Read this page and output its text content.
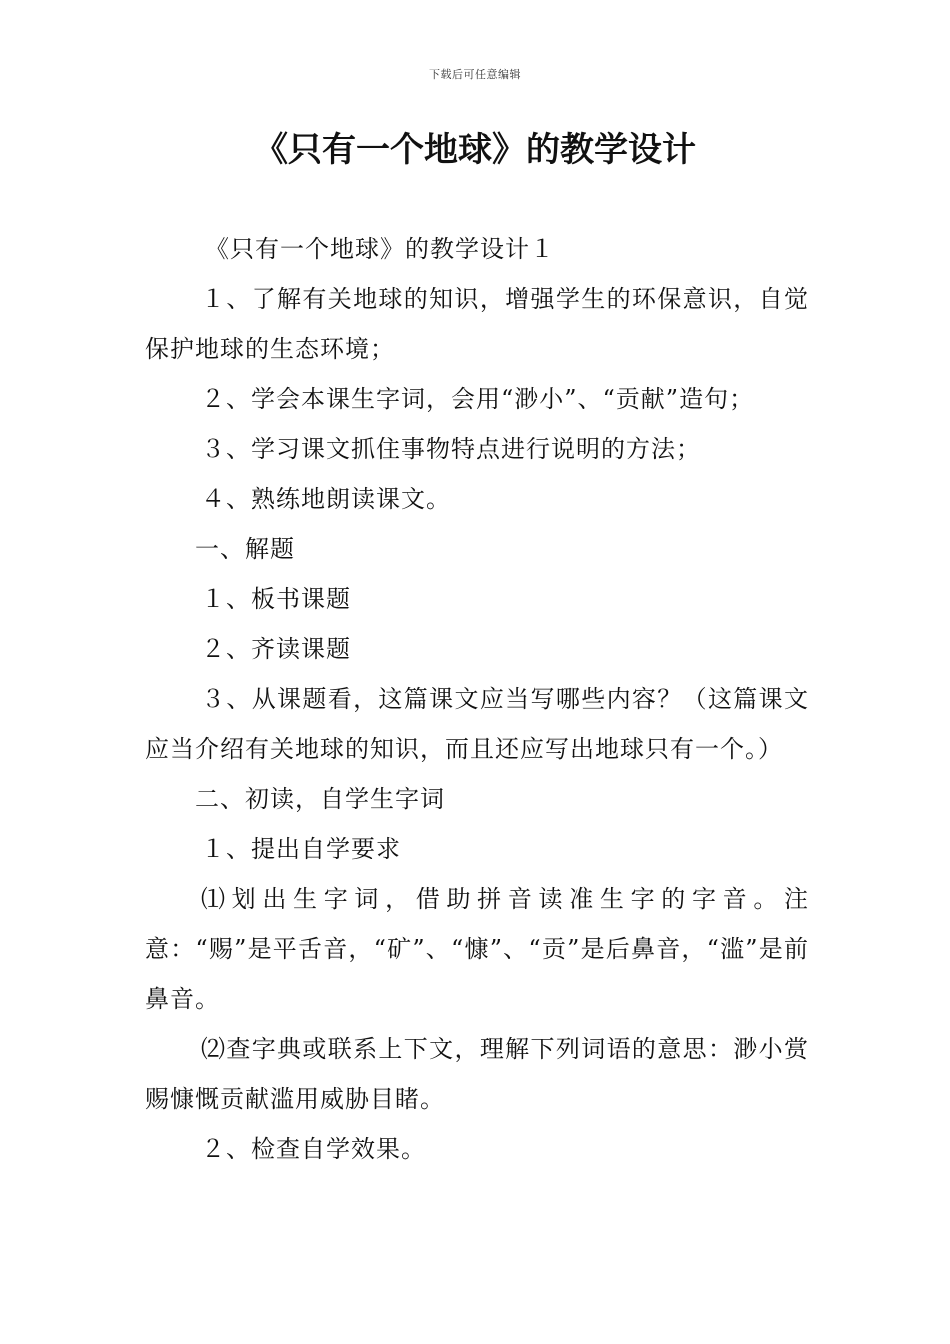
下载后可任意编辑
《只有一个地球》的教学设计

《只有一个地球》的教学设计１

１、了解有关地球的知识，增强学生的环保意识，自觉保护地球的生态环境；

２、学会本课生字词，会用“渺小”、“贡献”造句；

３、学习课文抓住事物特点进行说明的方法；

４、熟练地朗读课文。

一、解题

１、板书课题

２、齐读课题

３、从课题看，这篇课文应当写哪些内容？（这篇课文应当介绍有关地球的知识，而且还应写出地球只有一个。）

二、初读，自学生字词

１、提出自学要求

⑴划出生字词，借助拼音读准生字的字音。注意：“赐”是平舌音，“矿”、“慷”、“贡”是后鼻音，“滥”是前鼻音。

⑵查字典或联系上下文，理解下列词语的意思：渺小赏赐慷慨贡献滥用威胁目睹。

２、检查自学效果。
